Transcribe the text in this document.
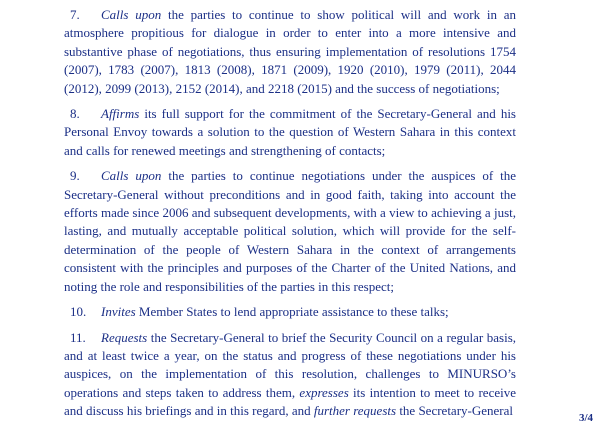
7. Calls upon the parties to continue to show political will and work in an atmosphere propitious for dialogue in order to enter into a more intensive and substantive phase of negotiations, thus ensuring implementation of resolutions 1754 (2007), 1783 (2007), 1813 (2008), 1871 (2009), 1920 (2010), 1979 (2011), 2044 (2012), 2099 (2013), 2152 (2014), and 2218 (2015) and the success of negotiations;

8. Affirms its full support for the commitment of the Secretary-General and his Personal Envoy towards a solution to the question of Western Sahara in this context and calls for renewed meetings and strengthening of contacts;

9. Calls upon the parties to continue negotiations under the auspices of the Secretary-General without preconditions and in good faith, taking into account the efforts made since 2006 and subsequent developments, with a view to achieving a just, lasting, and mutually acceptable political solution, which will provide for the self-determination of the people of Western Sahara in the context of arrangements consistent with the principles and purposes of the Charter of the United Nations, and noting the role and responsibilities of the parties in this respect;

10. Invites Member States to lend appropriate assistance to these talks;

11. Requests the Secretary-General to brief the Security Council on a regular basis, and at least twice a year, on the status and progress of these negotiations under his auspices, on the implementation of this resolution, challenges to MINURSO’s operations and steps taken to address them, expresses its intention to meet to receive and discuss his briefings and in this regard, and further requests the Secretary-General	3/4
